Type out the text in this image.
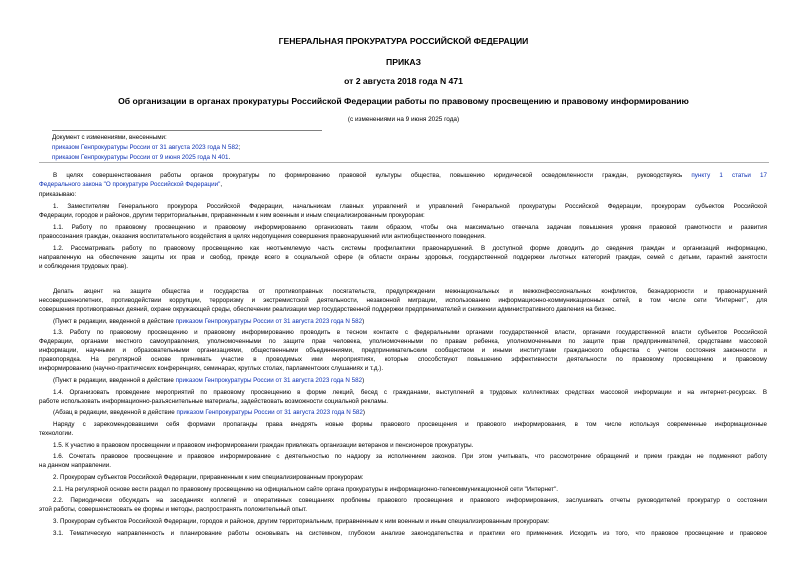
ГЕНЕРАЛЬНАЯ ПРОКУРАТУРА РОССИЙСКОЙ ФЕДЕРАЦИИ
ПРИКАЗ
от 2 августа 2018 года N 471
Об организации в органах прокуратуры Российской Федерации работы по правовому просвещению и правовому информированию
(с изменениями на 9 июня 2025 года)
Документ с изменениями, внесенными:
приказом Генпрокуратуры России от 31 августа 2023 года N 582;
приказом Генпрокуратуры России от 9 июня 2025 года N 401.
В целях совершенствования работы органов прокуратуры по формированию правовой культуры общества, повышению юридической осведомленности граждан, руководствуясь пункту 1 статьи 17
Федерального закона "О прокуратуре Российской Федерации",
приказываю:
1. Заместителям Генерального прокурора Российской Федерации, начальникам главных управлений и управлений Генеральной прокуратуры Российской Федерации, прокурорам субъектов Российской
Федерации, городов и районов, другим территориальным, приравненным к ним военным и иным специализированным прокурорам:
1.1. Работу по правовому просвещению и правовому информированию организовать таким образом, чтобы она максимально отвечала задачам повышения уровня правовой грамотности и развития
правосознания граждан, оказания воспитательного воздействия в целях недопущения совершения правонарушений или антиобщественного поведения.
1.2. Рассматривать работу по правовому просвещению как неотъемлемую часть системы профилактики правонарушений. В доступной форме доводить до сведения граждан и организаций информацию,
направленную на обеспечение защиты их прав и свобод, прежде всего в социальной сфере (в области охраны здоровья, государственной поддержки льготных категорий граждан, семей с детьми, гарантий занятости
и соблюдения трудовых прав).
Делать акцент на защите общества и государства от противоправных посягательств, предупреждении межнациональных и межконфессиональных конфликтов, безнадзорности и правонарушений
несовершеннолетних, противодействии коррупции, терроризму и экстремистской деятельности, незаконной миграции, использованию информационно-коммуникационных сетей, в том числе сети "Интернет", для
совершения противоправных деяний, охране окружающей среды, обеспечении реализации мер государственной поддержки предпринимателей и снижении административного давления на бизнес.
(Пункт в редакции, введенной в действие приказом Генпрокуратуры России от 31 августа 2023 года N 582)
1.3. Работу по правовому просвещению и правовому информированию проводить в тесном контакте с федеральными органами государственной власти, органами государственной власти субъектов Российской
Федерации, органами местного самоуправления, уполномоченными по защите прав человека, уполномоченными по правам ребенка, уполномоченными по защите прав предпринимателей, средствами массовой
информации, научными и образовательными организациями, общественными объединениями, предпринимательским сообществом и иными институтами гражданского общества с учетом состояния законности и
правопорядка. На регулярной основе принимать участие в проводимых ими мероприятиях, которые способствуют повышению эффективности деятельности по правовому просвещению и правовому
информированию (научно-практических конференциях, семинарах, круглых столах, парламентских слушаниях и т.д.).
(Пункт в редакции, введенной в действие приказом Генпрокуратуры России от 31 августа 2023 года N 582)
1.4. Организовать проведение мероприятий по правовому просвещению в форме лекций, бесед с гражданами, выступлений в трудовых коллективах средствах массовой информации и на интернет-ресурсах. В
работе использовать информационно-разъяснительные материалы, задействовать возможности социальной рекламы.
(Абзац в редакции, введенной в действие приказом Генпрокуратуры России от 31 августа 2023 года N 582)
Наряду с зарекомендовавшими себя формами пропаганды права внедрять новые формы правового просвещения и правового информирования, в том числе используя современные информационные
технологии.
1.5. К участию в правовом просвещении и правовом информировании граждан привлекать организации ветеранов и пенсионеров прокуратуры.
1.6. Сочетать правовое просвещение и правовое информирование с деятельностью по надзору за исполнением законов. При этом учитывать, что рассмотрение обращений и прием граждан не подменяют работу
на данном направлении.
2. Прокурорам субъектов Российской Федерации, приравненным к ним специализированным прокурорам:
2.1. На регулярной основе вести раздел по правовому просвещению на официальном сайте органа прокуратуры в информационно-телекоммуникационной сети "Интернет".
2.2. Периодически обсуждать на заседаниях коллегий и оперативных совещаниях проблемы правового просвещения и правового информирования, заслушивать отчеты руководителей прокуратур о состоянии
этой работы, совершенствовать ее формы и методы, распространять положительный опыт.
3. Прокурорам субъектов Российской Федерации, городов и районов, другим территориальным, приравненным к ним военным и иным специализированным прокурорам:
3.1. Тематическую направленность и планирование работы основывать на системном, глубоком анализе законодательства и практики его применения. Исходить из того, что правовое просвещение и правовое
